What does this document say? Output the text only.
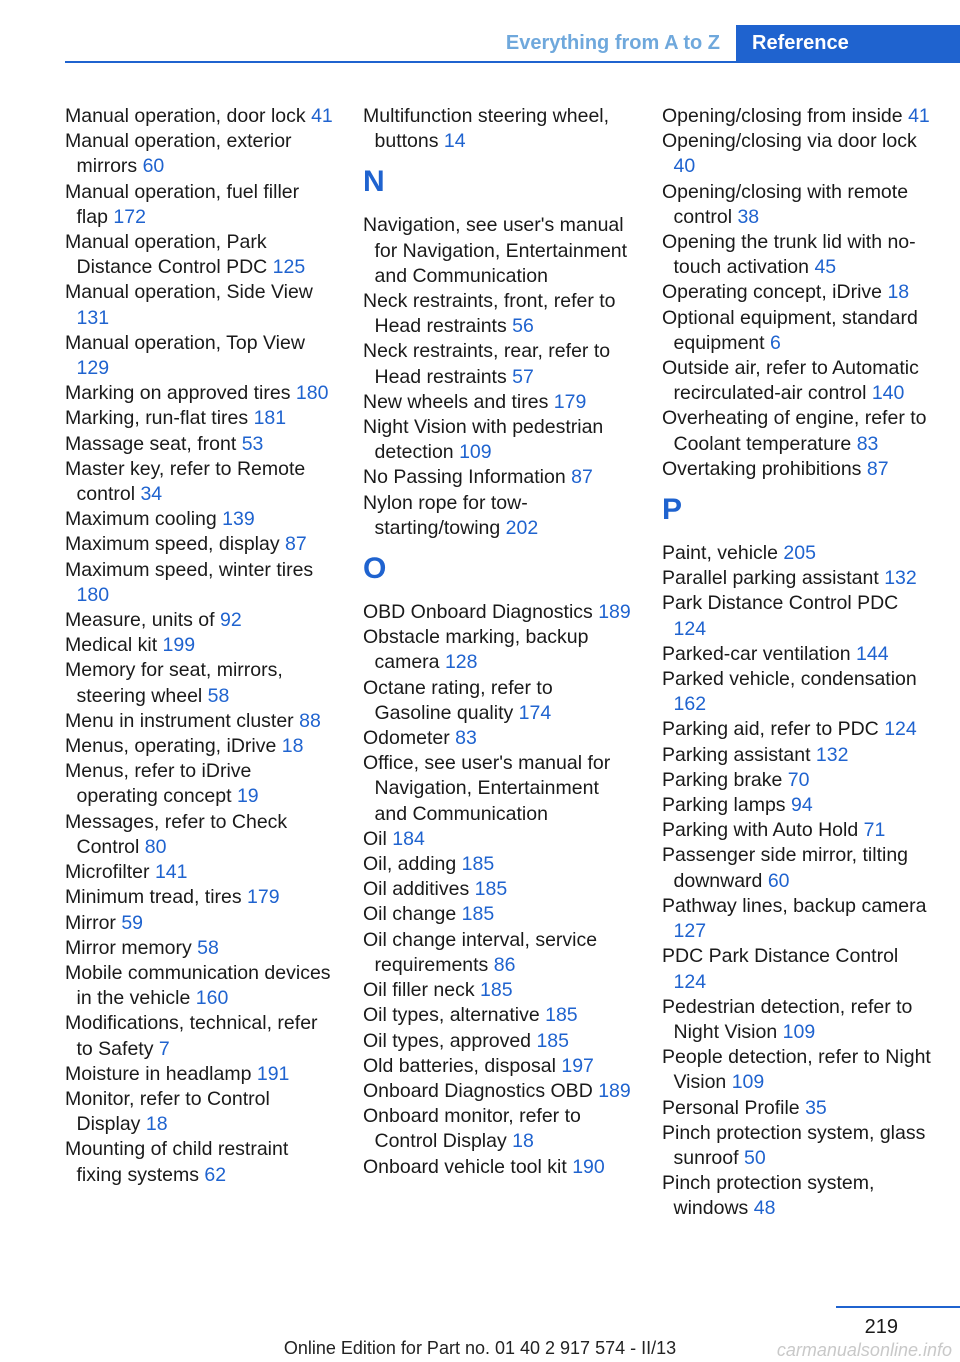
Everything from A to Z	Reference
Manual operation, door lock 41
Manual operation, exterior mirrors 60
Manual operation, fuel filler flap 172
Manual operation, Park Distance Control PDC 125
Manual operation, Side View 131
Manual operation, Top View 129
Marking on approved tires 180
Marking, run-flat tires 181
Massage seat, front 53
Master key, refer to Remote control 34
Maximum cooling 139
Maximum speed, display 87
Maximum speed, winter tires 180
Measure, units of 92
Medical kit 199
Memory for seat, mirrors, steering wheel 58
Menu in instrument cluster 88
Menus, operating, iDrive 18
Menus, refer to iDrive operating concept 19
Messages, refer to Check Control 80
Microfilter 141
Minimum tread, tires 179
Mirror 59
Mirror memory 58
Mobile communication devices in the vehicle 160
Modifications, technical, refer to Safety 7
Moisture in headlamp 191
Monitor, refer to Control Display 18
Mounting of child restraint fixing systems 62
Multifunction steering wheel, buttons 14
N
Navigation, see user's manual for Navigation, Entertainment and Communication
Neck restraints, front, refer to Head restraints 56
Neck restraints, rear, refer to Head restraints 57
New wheels and tires 179
Night Vision with pedestrian detection 109
No Passing Information 87
Nylon rope for tow-starting/towing 202
O
OBD Onboard Diagnostics 189
Obstacle marking, backup camera 128
Octane rating, refer to Gasoline quality 174
Odometer 83
Office, see user's manual for Navigation, Entertainment and Communication
Oil 184
Oil, adding 185
Oil additives 185
Oil change 185
Oil change interval, service requirements 86
Oil filler neck 185
Oil types, alternative 185
Oil types, approved 185
Old batteries, disposal 197
Onboard Diagnostics OBD 189
Onboard monitor, refer to Control Display 18
Onboard vehicle tool kit 190
Opening/closing from inside 41
Opening/closing via door lock 40
Opening/closing with remote control 38
Opening the trunk lid with no-touch activation 45
Operating concept, iDrive 18
Optional equipment, standard equipment 6
Outside air, refer to Automatic recirculated-air control 140
Overheating of engine, refer to Coolant temperature 83
Overtaking prohibitions 87
P
Paint, vehicle 205
Parallel parking assistant 132
Park Distance Control PDC 124
Parked-car ventilation 144
Parked vehicle, condensation 162
Parking aid, refer to PDC 124
Parking assistant 132
Parking brake 70
Parking lamps 94
Parking with Auto Hold 71
Passenger side mirror, tilting downward 60
Pathway lines, backup camera 127
PDC Park Distance Control 124
Pedestrian detection, refer to Night Vision 109
People detection, refer to Night Vision 109
Personal Profile 35
Pinch protection system, glass sunroof 50
Pinch protection system, windows 48
219
Online Edition for Part no. 01 40 2 917 574 - II/13	carmanualsonline.info
